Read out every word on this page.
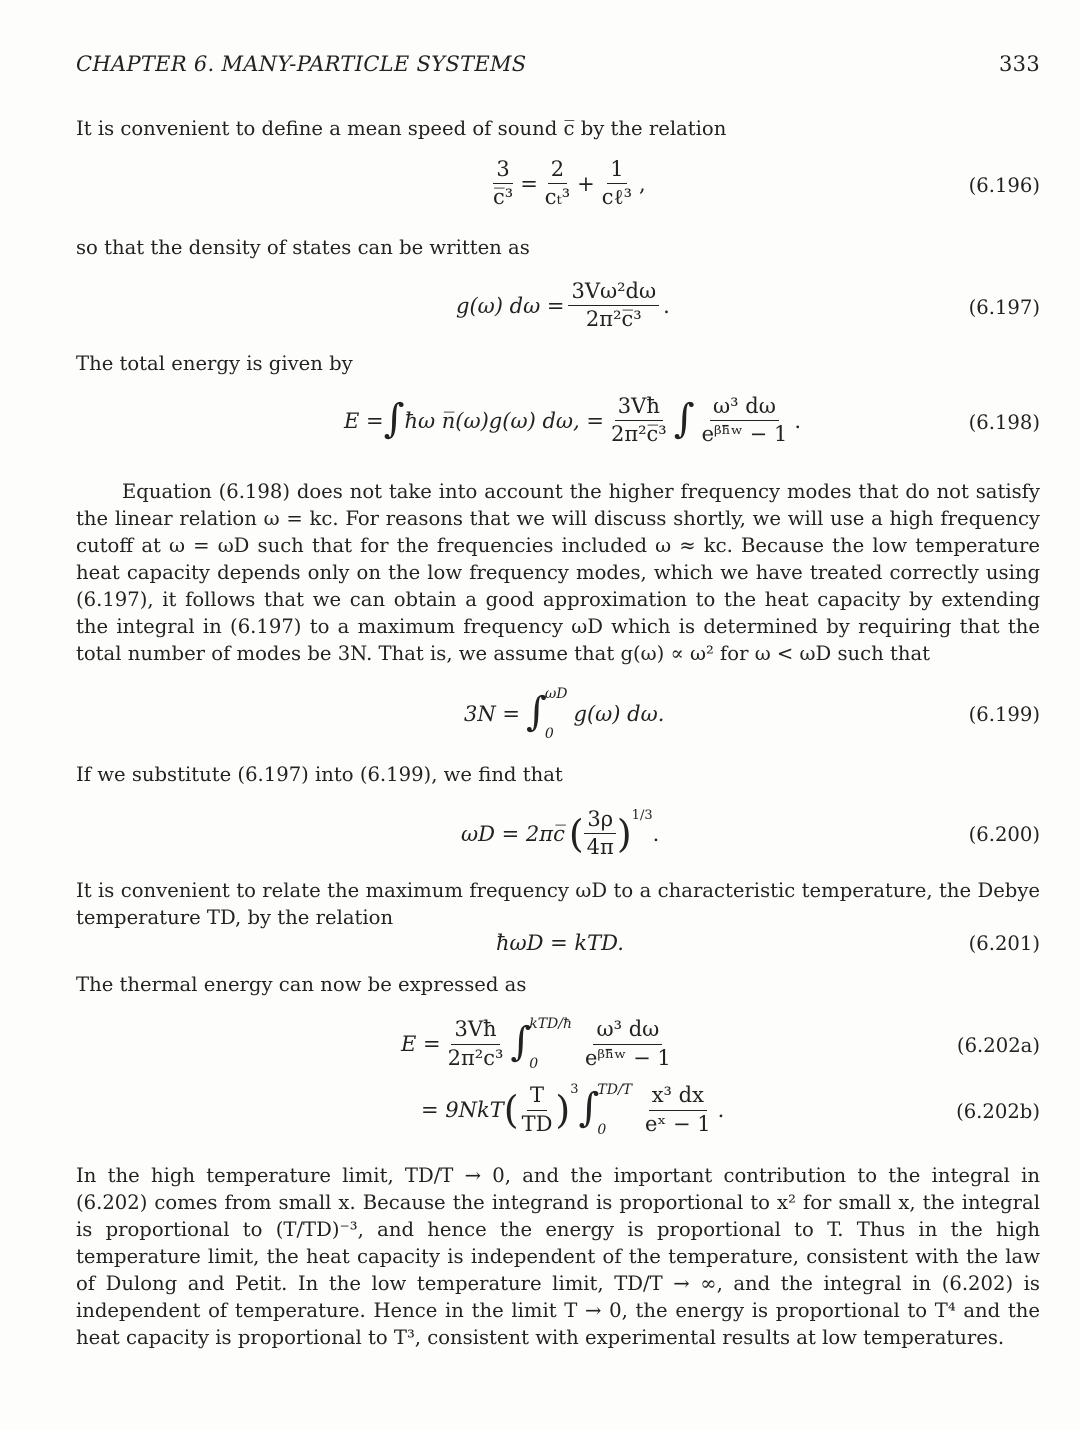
CHAPTER 6. MANY-PARTICLE SYSTEMS	333

It is convenient to define a mean speed of sound c̅ by the relation

$\frac{3}{\text{c̅³}} = \frac{2}{\text{cₜ³}} + \frac{1}{\text{cℓ³}}$ ,	(6.196)

so that the density of states can be written as

g(ω) $d\omega = \frac{\text{3Vω²dω}}{\text{2π²c̅³}}$ .	(6.197)

The total energy is given by

E = ∫ ħω n̅(ω)g(ω) dω, = $\frac{3Vħ}{\text{2π²c̅³}}$ ∫ $\frac{\text{ω³ dω}}{\text{eᵝʰ̄ʷ − 1}}$ .	(6.198)

Equation (6.198) does not take into account the higher frequency modes that do not satisfy the linear relation ω = kc. For reasons that we will discuss shortly, we will use a high frequency cutoff at ω = ωD such that for the frequencies included ω ≈ kc. Because the low temperature heat capacity depends only on the low frequency modes, which we have treated correctly using (6.197), it follows that we can obtain a good approximation to the heat capacity by extending the integral in (6.197) to a maximum frequency ωD which is determined by requiring that the total number of modes be 3N. That is, we assume that g(ω) ∝ ω² for ω < ωD such that

3N = ∫
ωD
0
g(ω) dω.	(6.199)

If we substitute (6.197) into (6.199), we find that

ωD = 2πc̅ ( $\frac{3\rho}{4\pi} )^{1/3}$
.	(6.200)

It is convenient to relate the maximum frequency ωD to a characteristic temperature, the Debye temperature TD, by the relation

ħωD = kTD.	(6.201)

The thermal energy can now be expressed as

$E = \frac{3Vħ}{\text{2π²c³}}$ ∫
kTD/ħ
0	$\frac{\text{ω³ dω}}{\text{eᵝʰ̄ʷ − 1}}$	(6.202a)
= 9NkT ( $\frac{T}{TD} )^3$ ∫
TD/T
0	$\frac{\text{x³ dx}}{\text{eˣ − 1}}$ .	(6.202b)

In the high temperature limit, TD/T → 0, and the important contribution to the integral in (6.202) comes from small x. Because the integrand is proportional to x² for small x, the integral is proportional to (T/TD)⁻³, and hence the energy is proportional to T. Thus in the high temperature limit, the heat capacity is independent of the temperature, consistent with the law of Dulong and Petit. In the low temperature limit, TD/T → ∞, and the integral in (6.202) is independent of temperature. Hence in the limit T → 0, the energy is proportional to T⁴ and the heat capacity is proportional to T³, consistent with experimental results at low temperatures.
